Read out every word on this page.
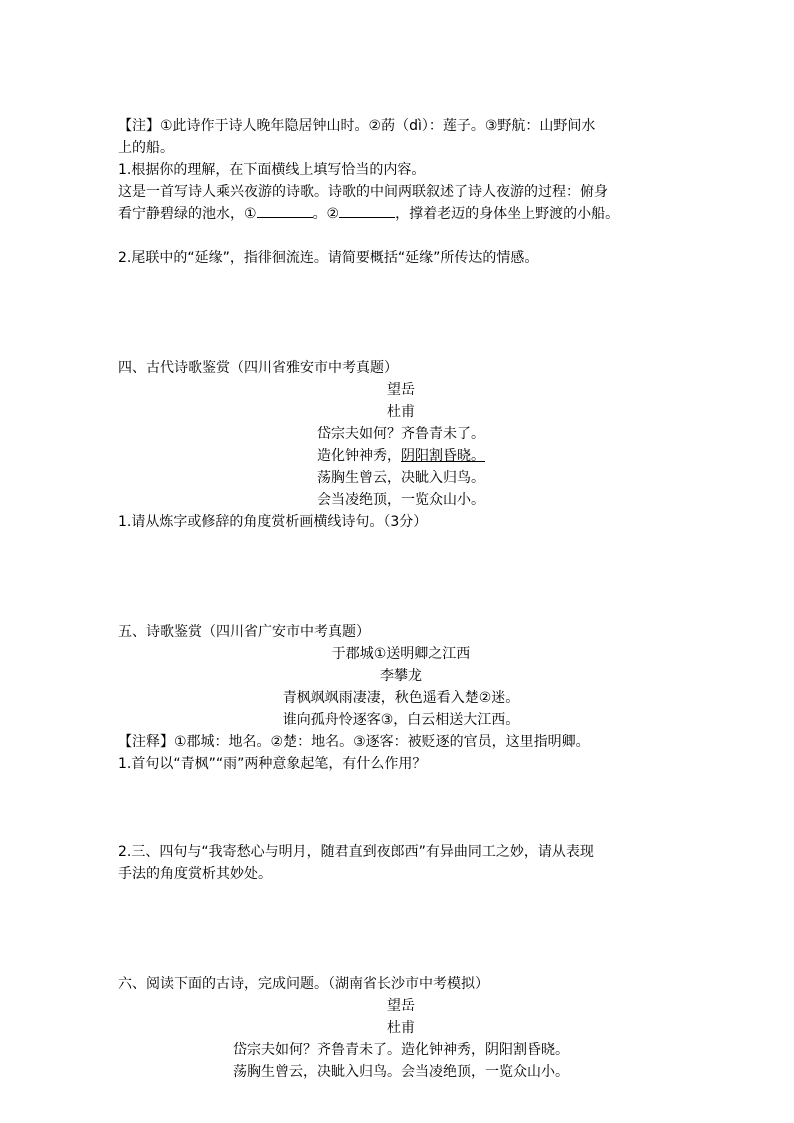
【注】①此诗作于诗人晚年隐居钟山时。②菂（dì）：莲子。③野航：山野间水

上的船。

1.根据你的理解，在下面横线上填写恰当的内容。

这是一首写诗人乘兴夜游的诗歌。诗歌的中间两联叙述了诗人夜游的过程：俯身

看宁静碧绿的池水，①	。②	，撑着老迈的身体坐上野渡的小船。

2.尾联中的“延缘”，指徘徊流连。请简要概括“延缘”所传达的情感。

四、古代诗歌鉴赏（四川省雅安市中考真题）

望岳

杜甫

岱宗夫如何？齐鲁青未了。

造化钟神秀，阴阳割昏晓。

荡胸生曾云，决眦入归鸟。

会当凌绝顶，一览众山小。

1.请从炼字或修辞的角度赏析画横线诗句。（3分）

五、诗歌鉴赏（四川省广安市中考真题）

于郡城①送明卿之江西

李攀龙

青枫飒飒雨凄凄，秋色遥看入楚②迷。

谁向孤舟怜逐客③，白云相送大江西。

【注释】①郡城：地名。②楚：地名。③逐客：被贬逐的官员，这里指明卿。

1.首句以“青枫”“雨”两种意象起笔，有什么作用？

2.三、四句与“我寄愁心与明月，随君直到夜郎西”有异曲同工之妙，请从表现

手法的角度赏析其妙处。

六、阅读下面的古诗，完成问题。（湖南省长沙市中考模拟）

望岳

杜甫

岱宗夫如何？齐鲁青未了。造化钟神秀，阴阳割昏晓。

荡胸生曾云，决眦入归鸟。会当凌绝顶，一览众山小。
